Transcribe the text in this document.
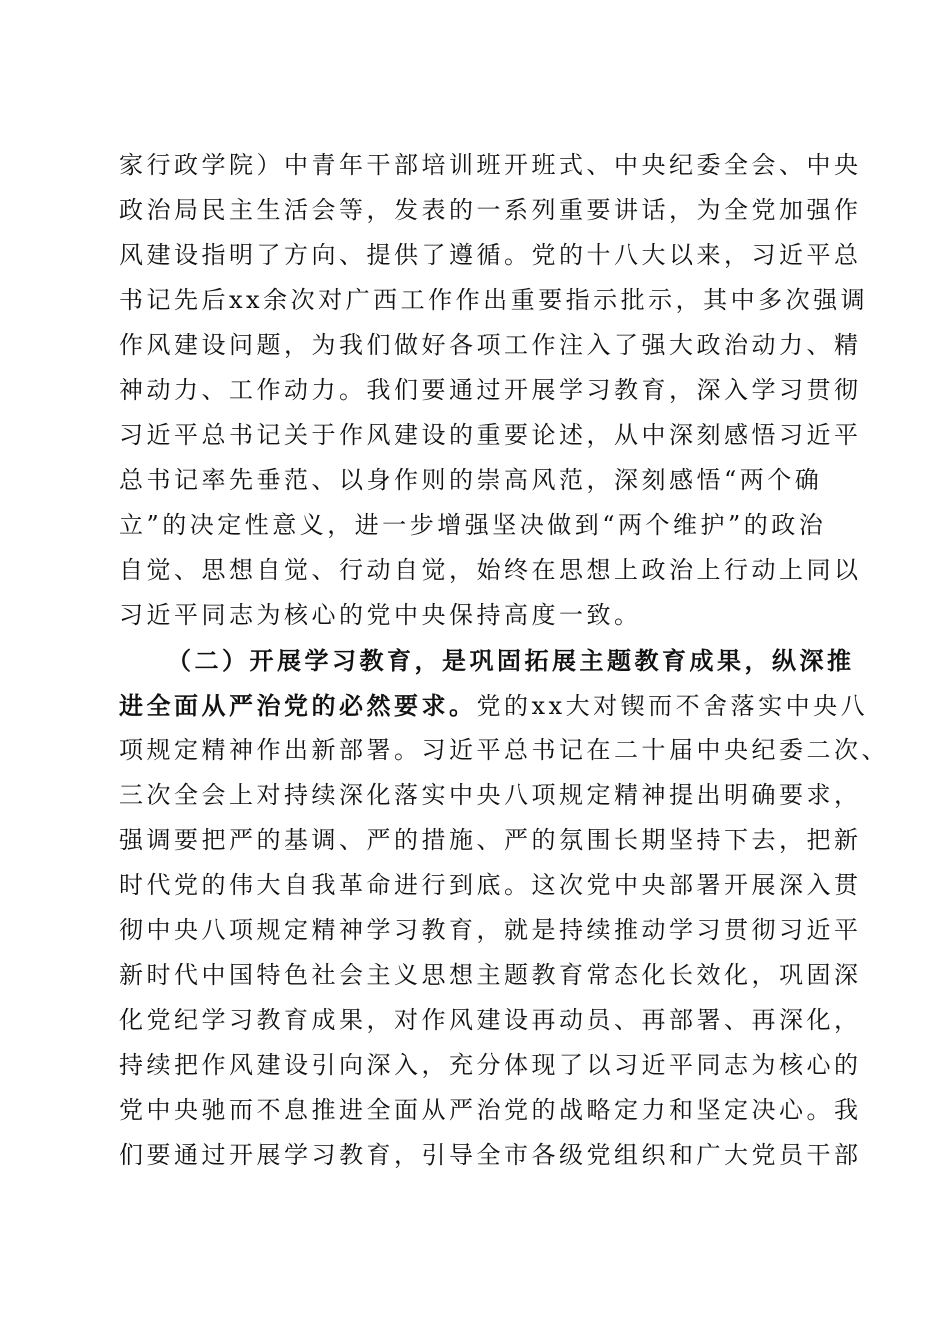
家行政学院）中青年干部培训班开班式、中央纪委全会、中央
政治局民主生活会等，发表的一系列重要讲话，为全党加强作
风建设指明了方向、提供了遵循。党的十八大以来，习近平总
书记先后xx余次对广西工作作出重要指示批示，其中多次强调
作风建设问题，为我们做好各项工作注入了强大政治动力、精
神动力、工作动力。我们要通过开展学习教育，深入学习贯彻
习近平总书记关于作风建设的重要论述，从中深刻感悟习近平
总书记率先垂范、以身作则的崇高风范，深刻感悟“两个确
立”的决定性意义，进一步增强坚决做到“两个维护”的政治
自觉、思想自觉、行动自觉，始终在思想上政治上行动上同以
习近平同志为核心的党中央保持高度一致。
（二）开展学习教育，是巩固拓展主题教育成果，纵深推
进全面从严治党的必然要求。党的xx大对锲而不舍落实中央八
项规定精神作出新部署。习近平总书记在二十届中央纪委二次、
三次全会上对持续深化落实中央八项规定精神提出明确要求，
强调要把严的基调、严的措施、严的氛围长期坚持下去，把新
时代党的伟大自我革命进行到底。这次党中央部署开展深入贯
彻中央八项规定精神学习教育，就是持续推动学习贯彻习近平
新时代中国特色社会主义思想主题教育常态化长效化，巩固深
化党纪学习教育成果，对作风建设再动员、再部署、再深化，
持续把作风建设引向深入，充分体现了以习近平同志为核心的
党中央驰而不息推进全面从严治党的战略定力和坚定决心。我
们要通过开展学习教育，引导全市各级党组织和广大党员干部
